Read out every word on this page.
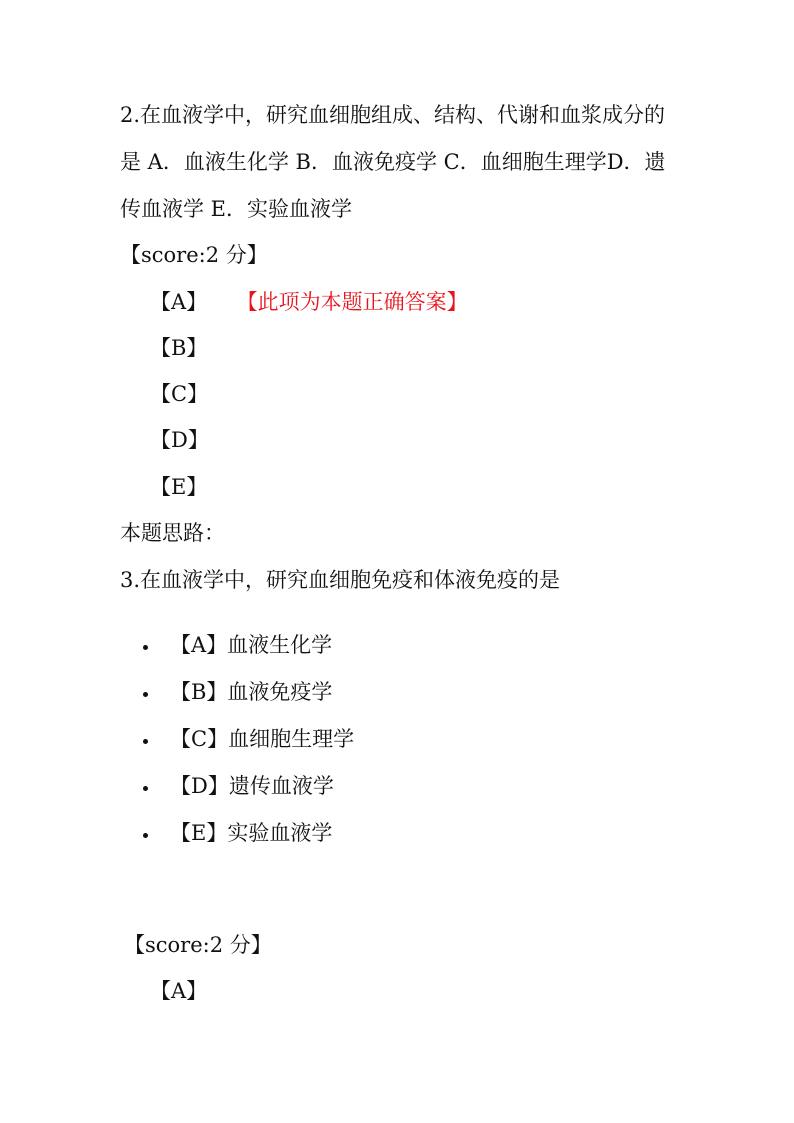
2.在血液学中，研究血细胞组成、结构、代谢和血浆成分的是 A．血液生化学 B．血液免疫学 C．血细胞生理学D．遗传血液学 E．实验血液学
【score:2 分】
【A】 【此项为本题正确答案】
【B】
【C】
【D】
【E】
本题思路：
3.在血液学中，研究血细胞免疫和体液免疫的是
【A】血液生化学
【B】血液免疫学
【C】血细胞生理学
【D】遗传血液学
【E】实验血液学
【score:2 分】
【A】
